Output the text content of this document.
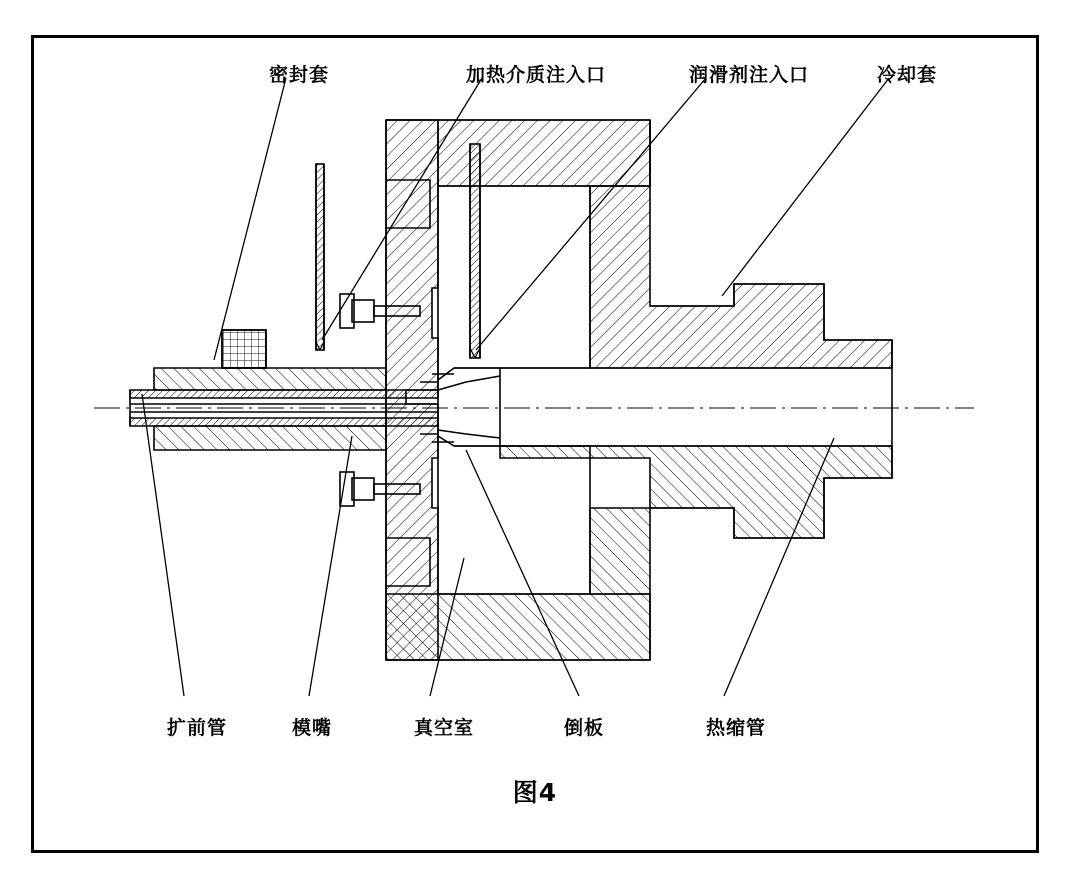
密封套	加热介质注入口	润滑剂注入口	冷却套
扩前管	模嘴	真空室	倒板	热缩管
图4
